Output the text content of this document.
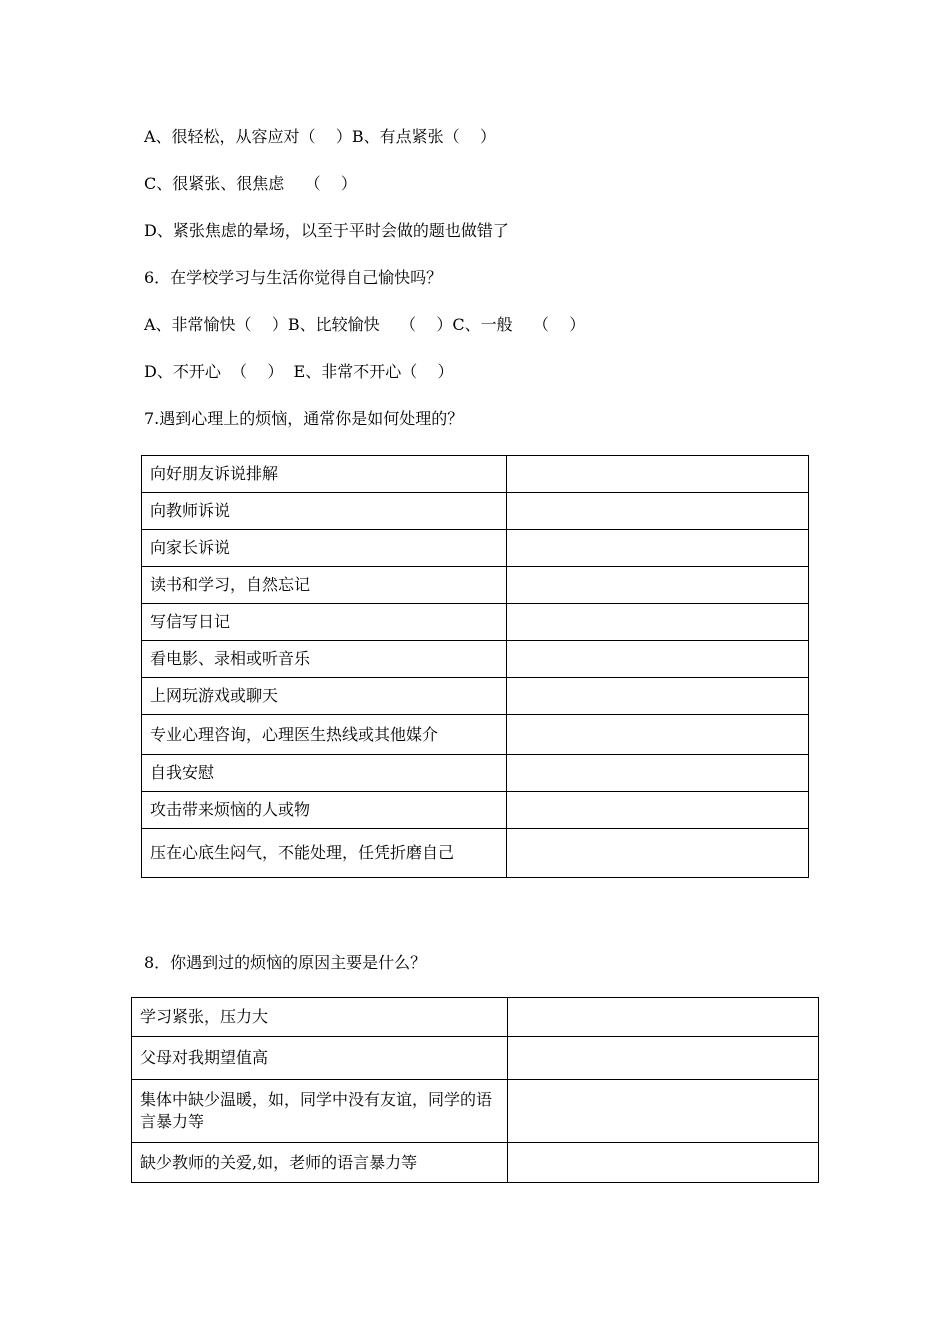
A、很轻松，从容应对（    ）B、有点紧张（    ）
C、很紧张、很焦虑    （    ）
D、紧张焦虑的晕场，以至于平时会做的题也做错了
6．在学校学习与生活你觉得自己愉快吗？
A、非常愉快（    ）B、比较愉快    （    ）C、一般    （    ）
D、不开心  （    ）  E、非常不开心（    ）
7.遇到心理上的烦恼，通常你是如何处理的？
向好朋友诉说排解	
向教师诉说	
向家长诉说	
读书和学习，自然忘记	
写信写日记	
看电影、录相或听音乐	
上网玩游戏或聊天	
专业心理咨询，心理医生热线或其他媒介	
自我安慰	
攻击带来烦恼的人或物	
压在心底生闷气，不能处理，任凭折磨自己	
8．你遇到过的烦恼的原因主要是什么？
学习紧张，压力大	
父母对我期望值高	
集体中缺少温暖，如，同学中没有友谊，同学的语言暴力等	
缺少教师的关爱,如，老师的语言暴力等	
